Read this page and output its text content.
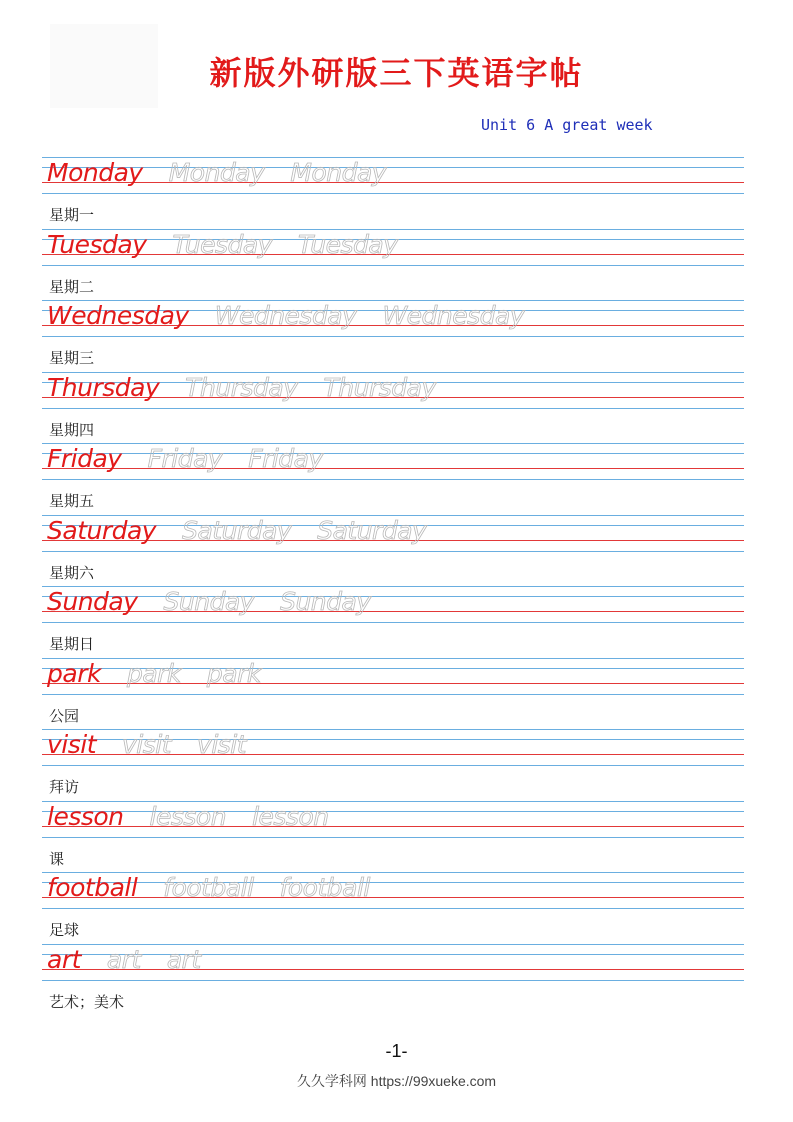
新版外研版三下英语字帖
Unit 6 A great week
Monday Monday Monday
星期一
Tuesday Tuesday Tuesday
星期二
Wednesday Wednesday Wednesday
星期三
Thursday Thursday Thursday
星期四
Friday Friday Friday
星期五
Saturday Saturday Saturday
星期六
Sunday Sunday Sunday
星期日
park park park
公园
visit visit visit
拜访
lesson lesson lesson
课
football football football
足球
art art art
艺术；美术
-1-
久久学科网 https://99xueke.com
